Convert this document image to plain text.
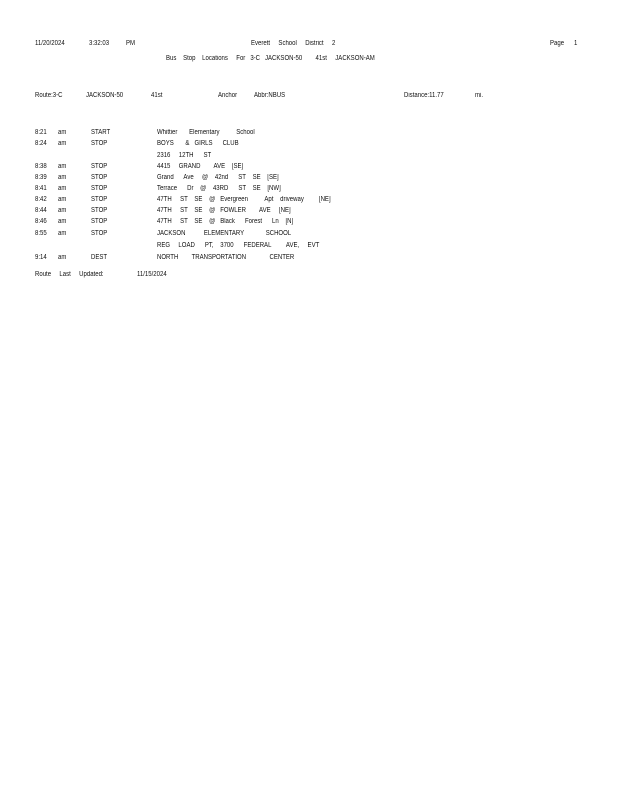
11/20/2024	3:32:03 PM	Everett     School     District     2	Page 1
Bus    Stop    Locations     For   3-C   JACKSON-50        41st     JACKSON-AM
Route:3-C	JACKSON-50	41st	Anchor Abbr:NBUS	Distance:11.77	mi.
8:21 am	START	Whittier       Elementary          School
8:24 am	STOP	BOYS       &   GIRLS      CLUB
2316     12TH      ST
8:38 am	STOP	4415     GRAND        AVE    [SE]
8:39 am	STOP	Grand      Ave     @    42nd      ST    SE    [SE]
8:41 am	STOP	Terrace      Dr    @    43RD      ST    SE    [NW]
8:42 am	STOP	47TH     ST    SE    @   Evergreen          Apt    driveway         [NE]
8:44 am	STOP	47TH     ST    SE    @   FOWLER        AVE     [NE]
8:46 am	STOP	47TH     ST    SE    @   Black      Forest      Ln    [N]
8:55 am	STOP	JACKSON           ELEMENTARY             SCHOOL
REG     LOAD      PT,    3700      FEDERAL         AVE,     EVT
9:14 am	DEST	NORTH        TRANSPORTATION              CENTER
Route     Last     Updated:	11/15/2024
